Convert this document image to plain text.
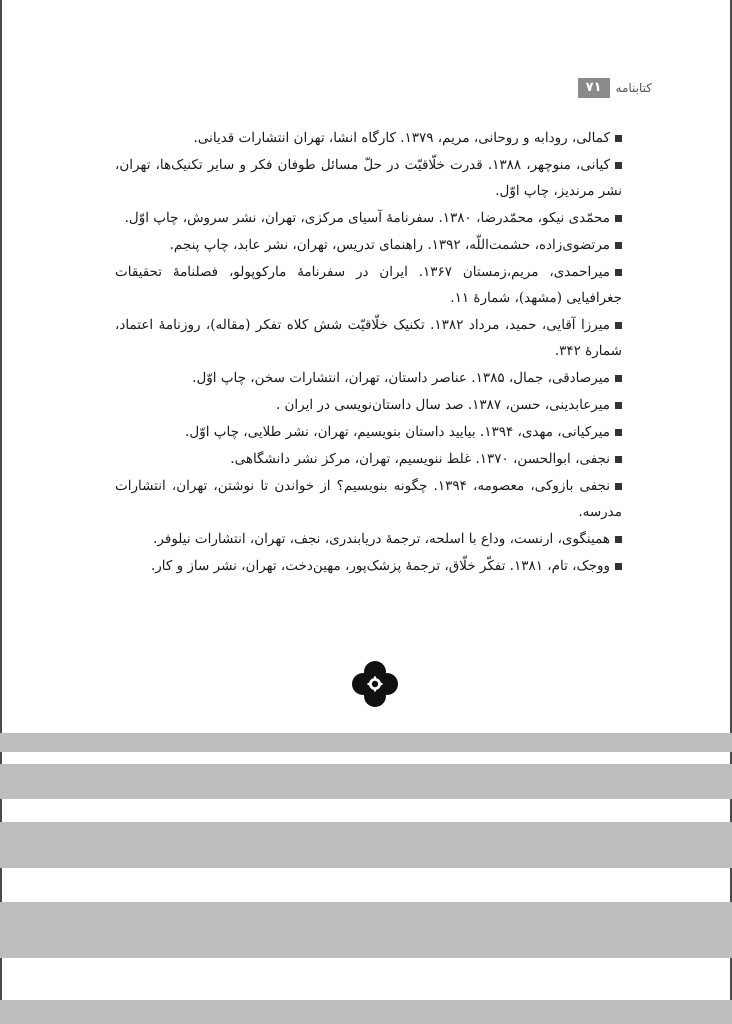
کتابنامه
۷۱

کمالی، رودابه و روحانی، مریم، ۱۳۷۹. کارگاه انشا، تهران انتشارات قدیانی.

کیانی، منوچهر، ۱۳۸۸. قدرت خلّاقیّت در حلّ مسائل طوفان فکر و سایر تکنیک‌ها، تهران، نشر مرندیز، چاپ اوّل.

محمّدی نیکو، محمّدرضا، ۱۳۸۰. سفرنامهٔ آسیای مرکزی، تهران، نشر سروش، چاپ اوّل.

مرتضوی‌زاده، حشمت‌اللّه، ۱۳۹۲. راهنمای تدریس، تهران، نشر عابد، چاپ پنجم.

میراحمدی، مریم،زمستان ۱۳۶۷. ایران در سفرنامهٔ مارکوپولو، فصلنامهٔ تحقیقات جغرافیایی (مشهد)، شمارهٔ ۱۱.

میرزا آقایی، حمید، مرداد ۱۳۸۲. تکنیک خلّاقیّت شش کلاه تفکر (مقاله)، روزنامهٔ اعتماد، شمارهٔ ۳۴۲.

میرصادقی، جمال، ۱۳۸۵. عناصر داستان، تهران، انتشارات سخن، چاپ اوّل.

میرعابدینی، حسن، ۱۳۸۷. صد سال داستان‌نویسی در ایران .

میرکیانی، مهدی، ۱۳۹۴. بیایید داستان بنویسیم، تهران، نشر طلایی، چاپ اوّل.

نجفی، ابوالحسن، ۱۳۷۰. غلط ننویسیم، تهران، مرکز نشر دانشگاهی.

نجفی بازوکی، معصومه، ۱۳۹۴. چگونه بنویسیم؟ از خواندن تا نوشتن، تهران، انتشارات مدرسه.

همینگوی، ارنست، وداع با اسلحه، ترجمهٔ دریابندری، نجف، تهران، انتشارات نیلوفر.

ووجک، تام، ۱۳۸۱. تفکّر خلّاق، ترجمهٔ پزشک‌پور، مهین‌دخت، تهران، نشر ساز و کار.
